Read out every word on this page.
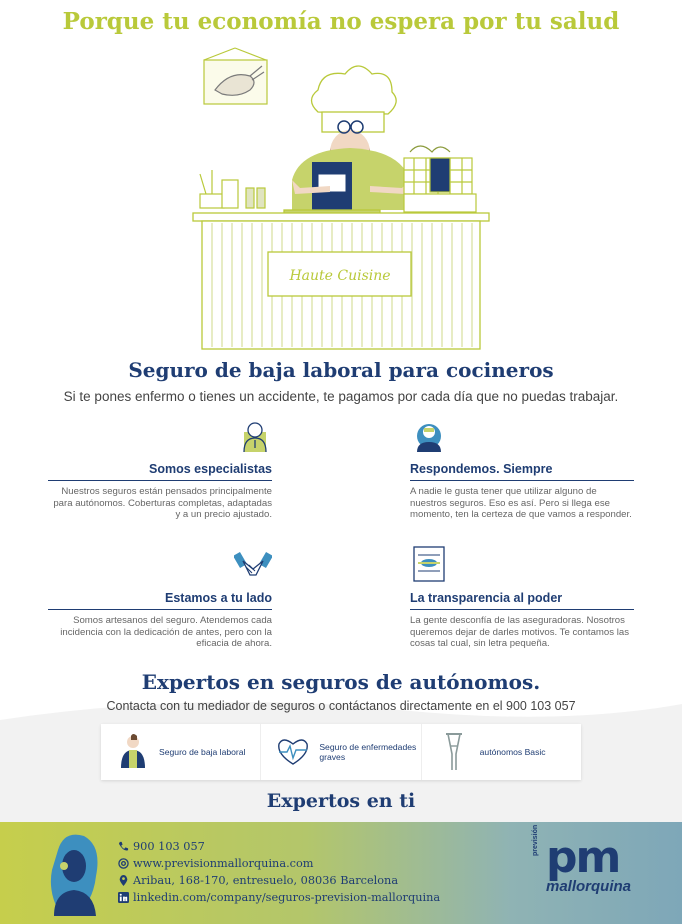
Porque tu economía no espera por tu salud
Haute Cuisine
Seguro de baja laboral para cocineros
Si te pones enfermo o tienes un accidente, te pagamos por cada día que no puedas trabajar.
Somos especialistas

Nuestros seguros están pensados principalmente para autónomos. Coberturas completas, adaptadas y a un precio ajustado.

Respondemos. Siempre

A nadie le gusta tener que utilizar alguno de nuestros seguros. Eso es así. Pero si llega ese momento, ten la certeza de que vamos a responder.

Estamos a tu lado

Somos artesanos del seguro. Atendemos cada incidencia con la dedicación de antes, pero con la eficacia de ahora.

La transparencia al poder

La gente desconfía de las aseguradoras. Nosotros queremos dejar de darles motivos. Te contamos las cosas tal cual, sin letra pequeña.

Expertos en seguros de autónomos.
Contacta con tu mediador de seguros o contáctanos directamente en el 900 103 057
Seguro de baja laboral	Seguro de enfermedades graves	autónomos Basic
Expertos en ti
900 103 057
www.previsionmallorquina.com
Aribau, 168-170, entresuelo, 08036 Barcelona
linkedin.com/company/seguros-prevision-mallorquina
previsión pm
mallorquina
